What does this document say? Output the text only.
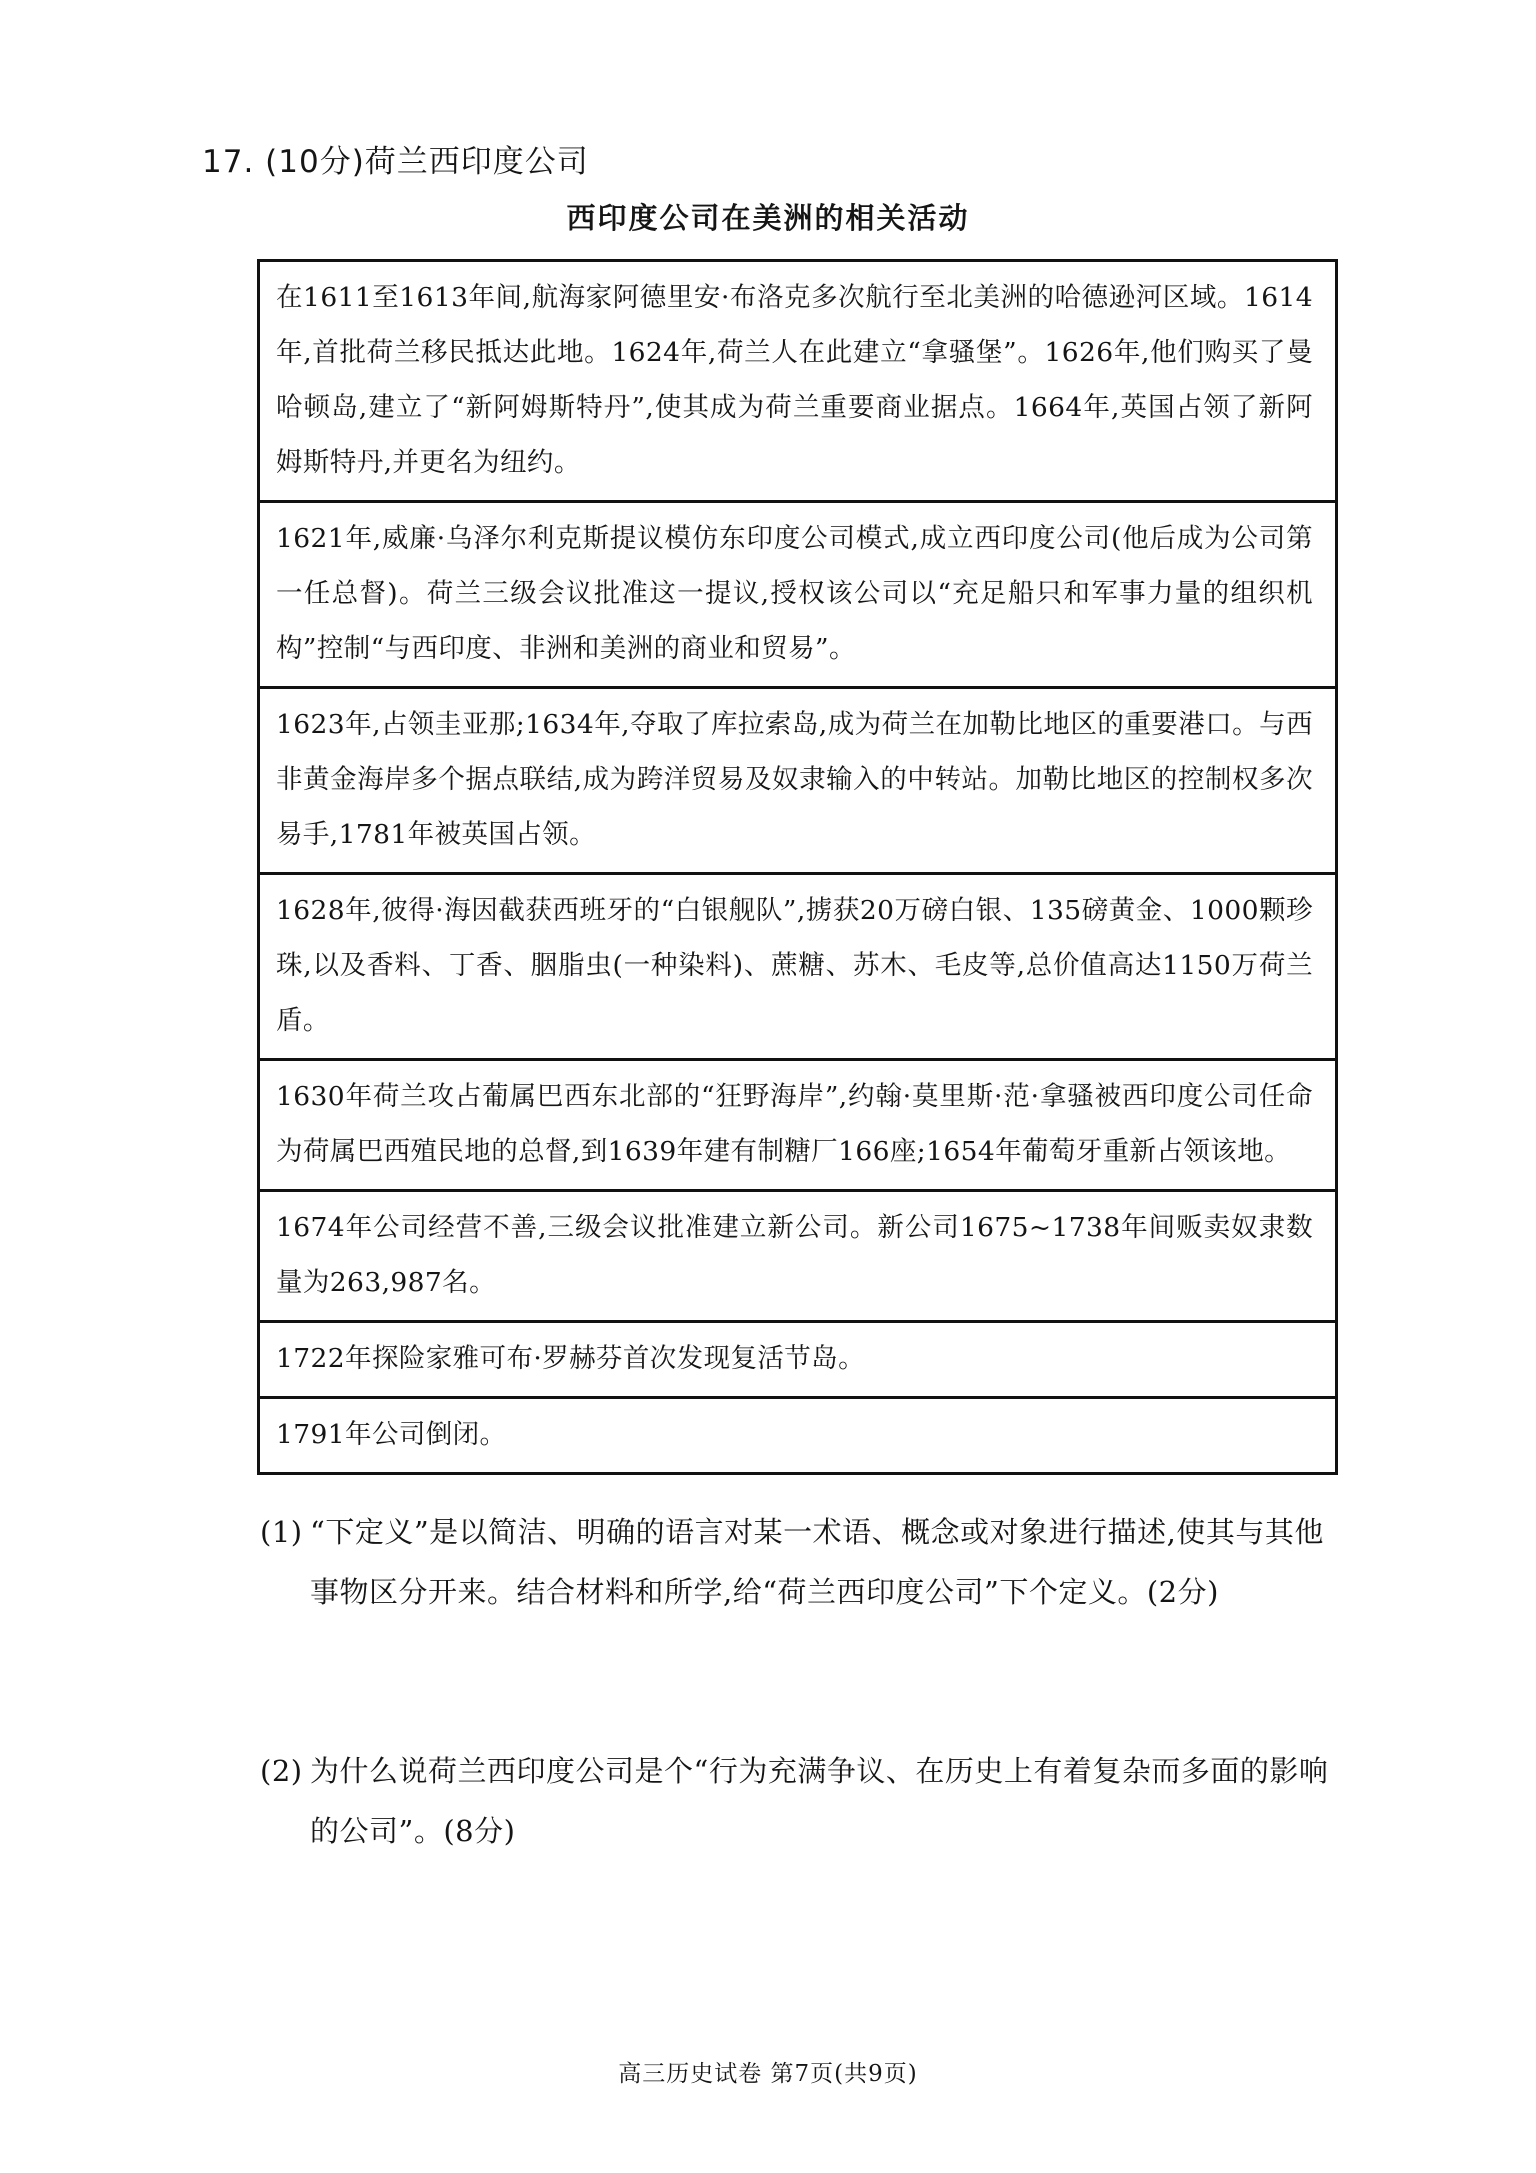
17. (10分)荷兰西印度公司
西印度公司在美洲的相关活动
在1611至1613年间,航海家阿德里安·布洛克多次航行至北美洲的哈德逊河区域。1614年,首批荷兰移民抵达此地。1624年,荷兰人在此建立“拿骚堡”。1626年,他们购买了曼哈顿岛,建立了“新阿姆斯特丹”,使其成为荷兰重要商业据点。1664年,英国占领了新阿姆斯特丹,并更名为纽约。
1621年,威廉·乌泽尔利克斯提议模仿东印度公司模式,成立西印度公司(他后成为公司第一任总督)。荷兰三级会议批准这一提议,授权该公司以“充足船只和军事力量的组织机构”控制“与西印度、非洲和美洲的商业和贸易”。
1623年,占领圭亚那;1634年,夺取了库拉索岛,成为荷兰在加勒比地区的重要港口。与西非黄金海岸多个据点联结,成为跨洋贸易及奴隶输入的中转站。加勒比地区的控制权多次易手,1781年被英国占领。
1628年,彼得·海因截获西班牙的“白银舰队”,掳获20万磅白银、135磅黄金、1000颗珍珠,以及香料、丁香、胭脂虫(一种染料)、蔗糖、苏木、毛皮等,总价值高达1150万荷兰盾。
1630年荷兰攻占葡属巴西东北部的“狂野海岸”,约翰·莫里斯·范·拿骚被西印度公司任命为荷属巴西殖民地的总督,到1639年建有制糖厂166座;1654年葡萄牙重新占领该地。
1674年公司经营不善,三级会议批准建立新公司。新公司1675~1738年间贩卖奴隶数量为263,987名。
1722年探险家雅可布·罗赫芬首次发现复活节岛。
1791年公司倒闭。
(1) “下定义”是以简洁、明确的语言对某一术语、概念或对象进行描述,使其与其他事物区分开来。结合材料和所学,给“荷兰西印度公司”下个定义。(2分)
(2) 为什么说荷兰西印度公司是个“行为充满争议、在历史上有着复杂而多面的影响的公司”。(8分)
高三历史试卷 第7页(共9页)
